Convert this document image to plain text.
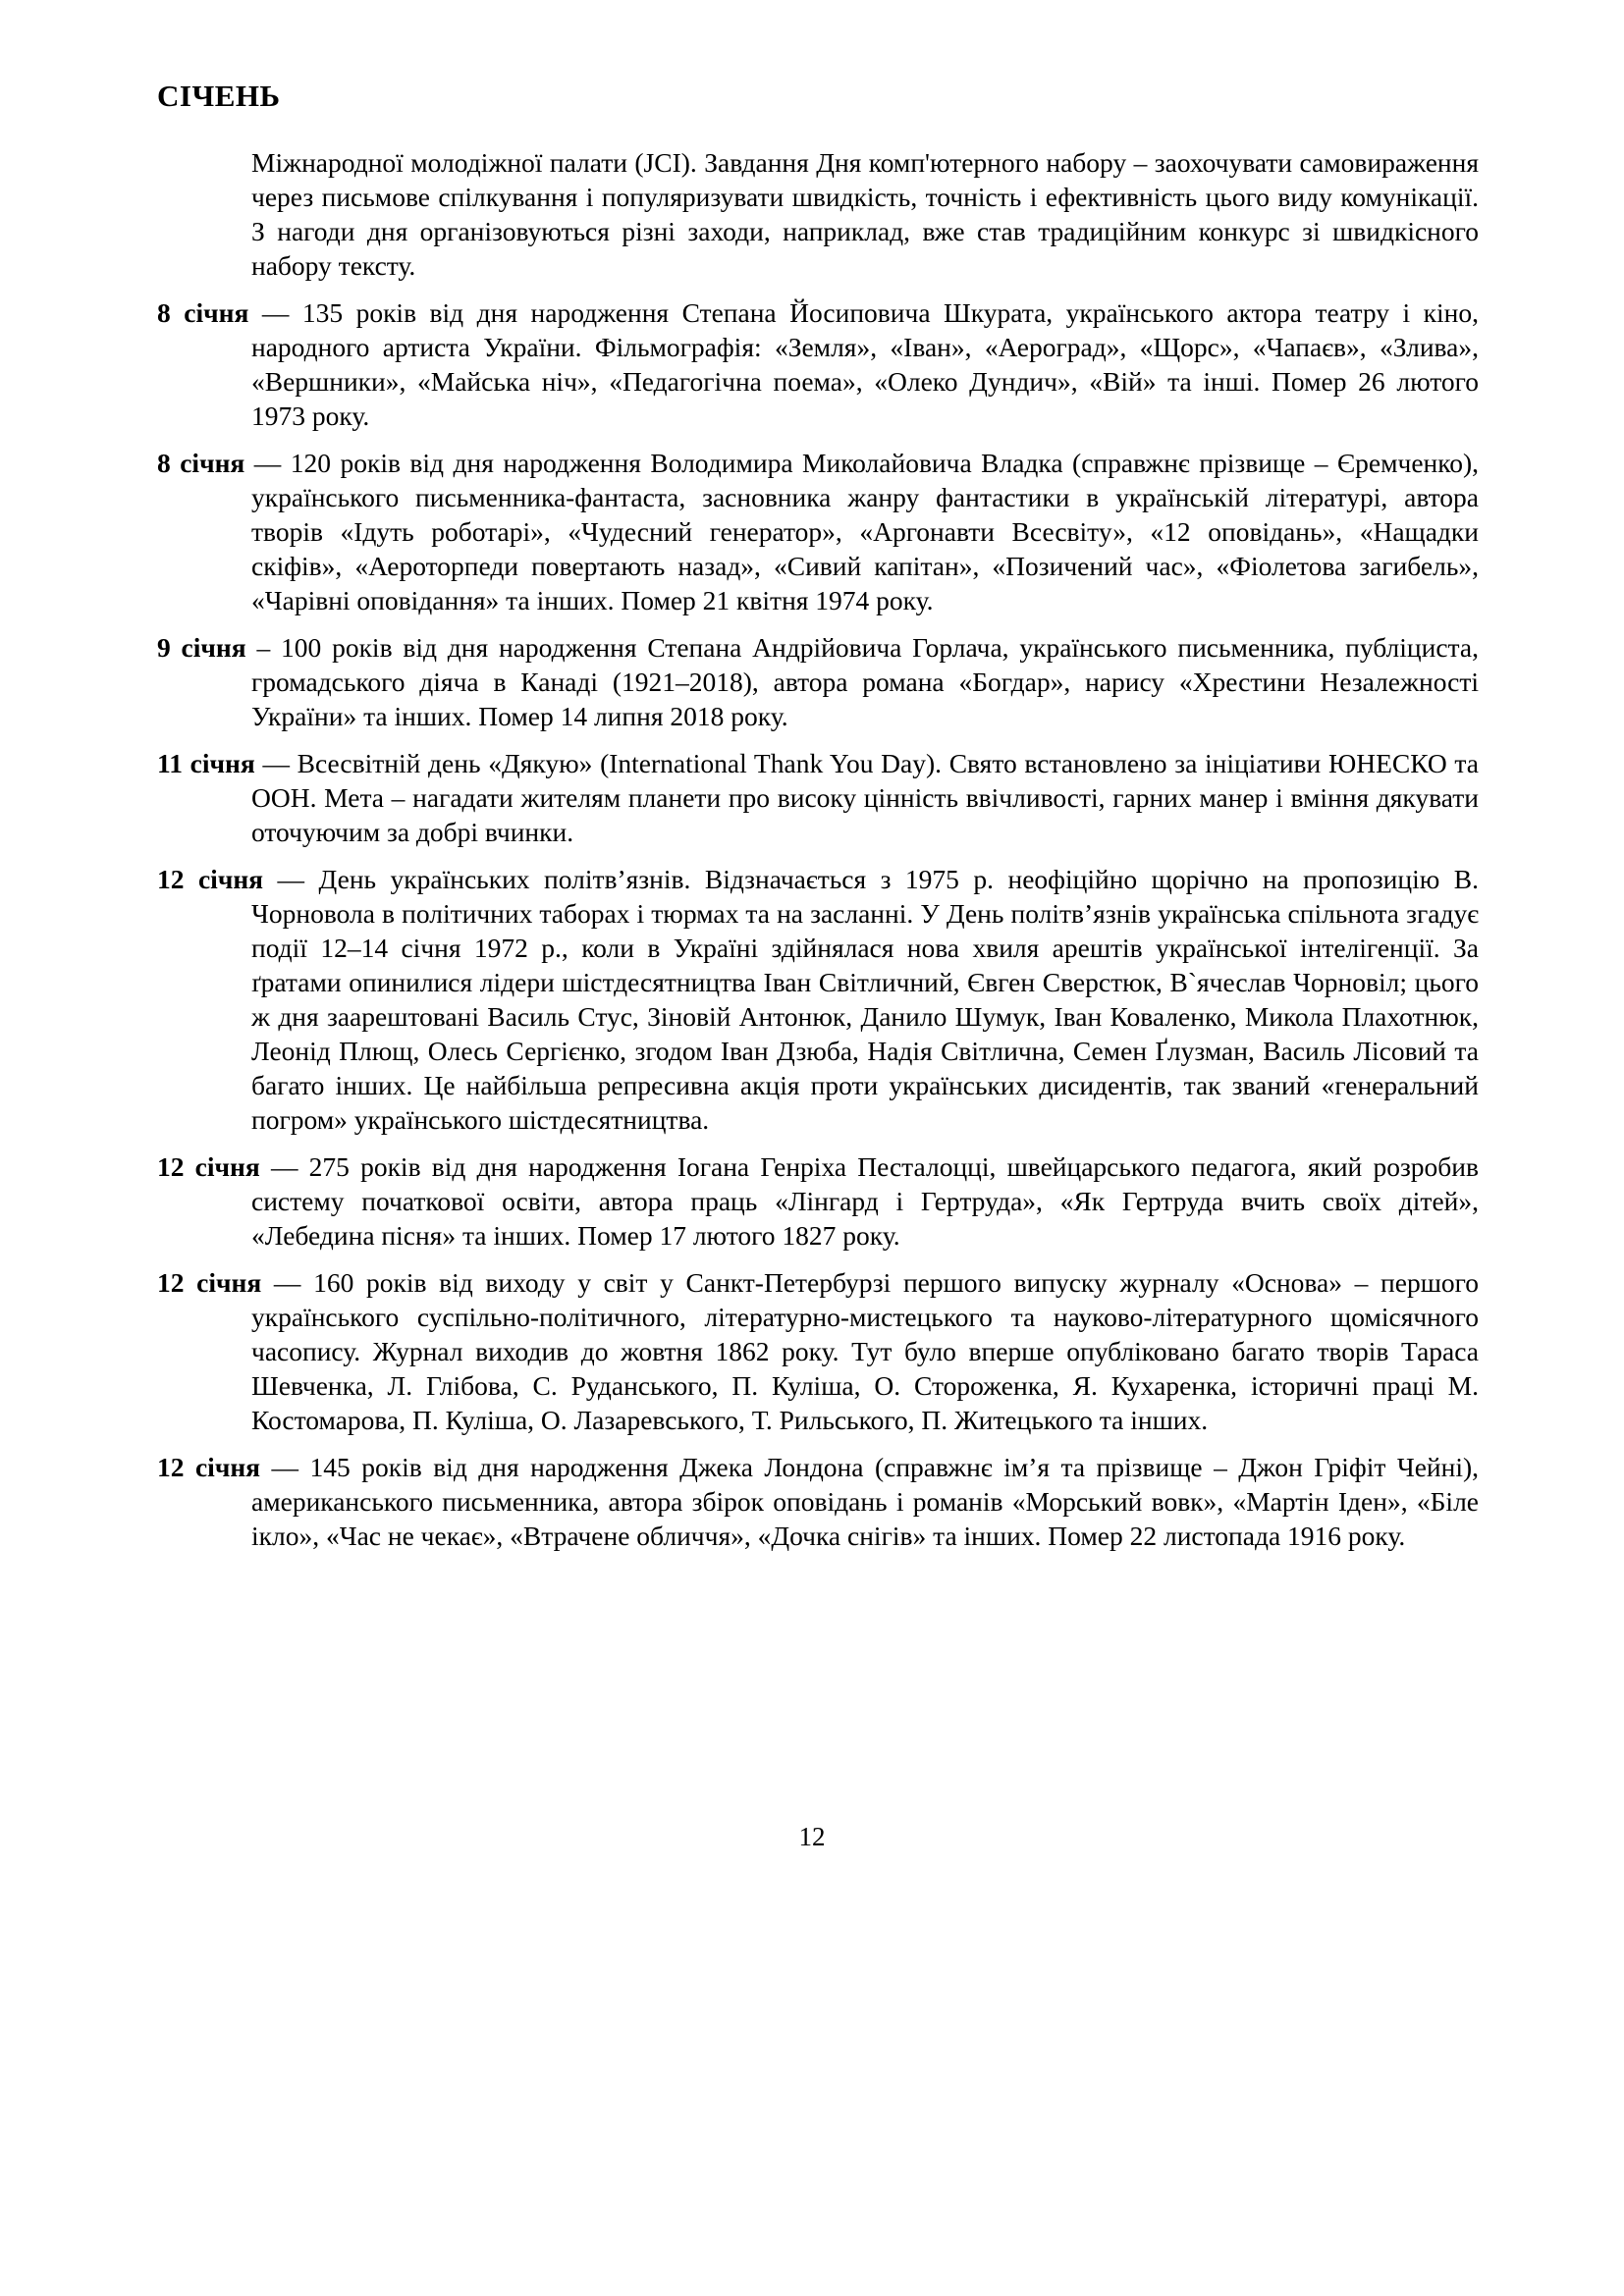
СІЧЕНЬ

Міжнародної молодіжної палати (JCI). Завдання Дня комп'ютерного набору – заохочувати самовираження через письмове спілкування і популяризувати швидкість, точність і ефективність цього виду комунікації. З нагоди дня організовуються різні заходи, наприклад, вже став традиційним конкурс зі швидкісного набору тексту.

8 січня — 135 років від дня народження Степана Йосиповича Шкурата, українського актора театру і кіно, народного артиста України. Фільмографія: «Земля», «Іван», «Аероград», «Щорс», «Чапаєв», «Злива», «Вершники», «Майська ніч», «Педагогічна поема», «Олеко Дундич», «Вій» та інші. Помер 26 лютого 1973 року.

8 січня — 120 років від дня народження Володимира Миколайовича Владка (справжнє прізвище – Єремченко), українського письменника-фантаста, засновника жанру фантастики в українській літературі, автора творів «Ідуть роботарі», «Чудесний генератор», «Аргонавти Всесвіту», «12 оповідань», «Нащадки скіфів», «Аероторпеди повертають назад», «Сивий капітан», «Позичений час», «Фіолетова загибель», «Чарівні оповідання» та інших. Помер 21 квітня 1974 року.

9 січня – 100 років від дня народження Степана Андрійовича Горлача, українського письменника, публіциста, громадського діяча в Канаді (1921–2018), автора романа «Богдар», нарису «Хрестини Незалежності України» та інших. Помер 14 липня 2018 року.

11 січня — Всесвітній день «Дякую» (International Thank You Day). Свято встановлено за ініціативи ЮНЕСКО та ООН. Мета – нагадати жителям планети про високу цінність ввічливості, гарних манер і вміння дякувати оточуючим за добрі вчинки.

12 січня — День українських політв’язнів. Відзначається з 1975 р. неофіційно щорічно на пропозицію В. Чорновола в політичних таборах і тюрмах та на засланні. У День політв’язнів українська спільнота згадує події 12–14 січня 1972 р., коли в Україні здійнялася нова хвиля арештів української інтелігенції. За ґратами опинилися лідери шістдесятництва Іван Світличний, Євген Сверстюк, В`ячеслав Чорновіл; цього ж дня заарештовані Василь Стус, Зіновій Антонюк, Данило Шумук, Іван Коваленко, Микола Плахотнюк, Леонід Плющ, Олесь Сергієнко, згодом Іван Дзюба, Надія Світлична, Семен Ґлузман, Василь Лісовий та багато інших. Це найбільша репресивна акція проти українських дисидентів, так званий «генеральний погром» українського шістдесятництва.

12 січня — 275 років від дня народження Іогана Генріха Песталоцці, швейцарського педагога, який розробив систему початкової освіти, автора праць «Лінгард і Гертруда», «Як Гертруда вчить своїх дітей», «Лебедина пісня» та інших. Помер 17 лютого 1827 року.

12 січня — 160 років від виходу у світ у Санкт-Петербурзі першого випуску журналу «Основа» – першого українського суспільно-політичного, літературно-мистецького та науково-літературного щомісячного часопису. Журнал виходив до жовтня 1862 року. Тут було вперше опубліковано багато творів Тараса Шевченка, Л. Глібова, С. Руданського, П. Куліша, О. Стороженка, Я. Кухаренка, історичні праці М. Костомарова, П. Куліша, О. Лазаревського, Т. Рильського, П. Житецького та інших.

12 січня — 145 років від дня народження Джека Лондона (справжнє ім’я та прізвище – Джон Гріфіт Чейні), американського письменника, автора збірок оповідань і романів «Морський вовк», «Мартін Іден», «Біле ікло», «Час не чекає», «Втрачене обличчя», «Дочка снігів» та інших. Помер 22 листопада 1916 року.

12
